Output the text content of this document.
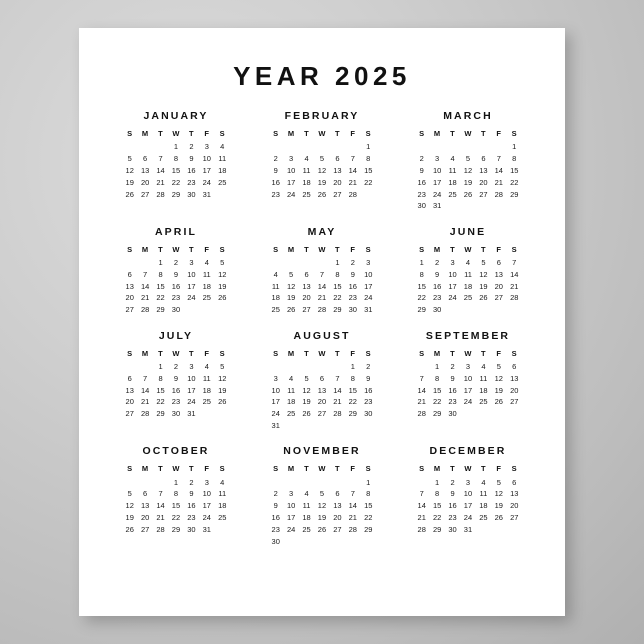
YEAR 2025
JANUARY
S	M	T	W	T	F	S
			1	2	3	4
5	6	7	8	9	10	11
12	13	14	15	16	17	18
19	20	21	22	23	24	25
26	27	28	29	30	31	
FEBRUARY
S	M	T	W	T	F	S
						1
2	3	4	5	6	7	8
9	10	11	12	13	14	15
16	17	18	19	20	21	22
23	24	25	26	27	28	
MARCH
S	M	T	W	T	F	S
						1
2	3	4	5	6	7	8
9	10	11	12	13	14	15
16	17	18	19	20	21	22
23	24	25	26	27	28	29
30	31					
APRIL
S	M	T	W	T	F	S
		1	2	3	4	5
6	7	8	9	10	11	12
13	14	15	16	17	18	19
20	21	22	23	24	25	26
27	28	29	30			
MAY
S	M	T	W	T	F	S
				1	2	3
4	5	6	7	8	9	10
11	12	13	14	15	16	17
18	19	20	21	22	23	24
25	26	27	28	29	30	31
JUNE
S	M	T	W	T	F	S
1	2	3	4	5	6	7
8	9	10	11	12	13	14
15	16	17	18	19	20	21
22	23	24	25	26	27	28
29	30					
JULY
S	M	T	W	T	F	S
		1	2	3	4	5
6	7	8	9	10	11	12
13	14	15	16	17	18	19
20	21	22	23	24	25	26
27	28	29	30	31		
AUGUST
S	M	T	W	T	F	S
					1	2
3	4	5	6	7	8	9
10	11	12	13	14	15	16
17	18	19	20	21	22	23
24	25	26	27	28	29	30
31						
SEPTEMBER
S	M	T	W	T	F	S
	1	2	3	4	5	6
7	8	9	10	11	12	13
14	15	16	17	18	19	20
21	22	23	24	25	26	27
28	29	30				
OCTOBER
S	M	T	W	T	F	S
			1	2	3	4
5	6	7	8	9	10	11
12	13	14	15	16	17	18
19	20	21	22	23	24	25
26	27	28	29	30	31	
NOVEMBER
S	M	T	W	T	F	S
						1
2	3	4	5	6	7	8
9	10	11	12	13	14	15
16	17	18	19	20	21	22
23	24	25	26	27	28	29
30						
DECEMBER
S	M	T	W	T	F	S
	1	2	3	4	5	6
7	8	9	10	11	12	13
14	15	16	17	18	19	20
21	22	23	24	25	26	27
28	29	30	31			
